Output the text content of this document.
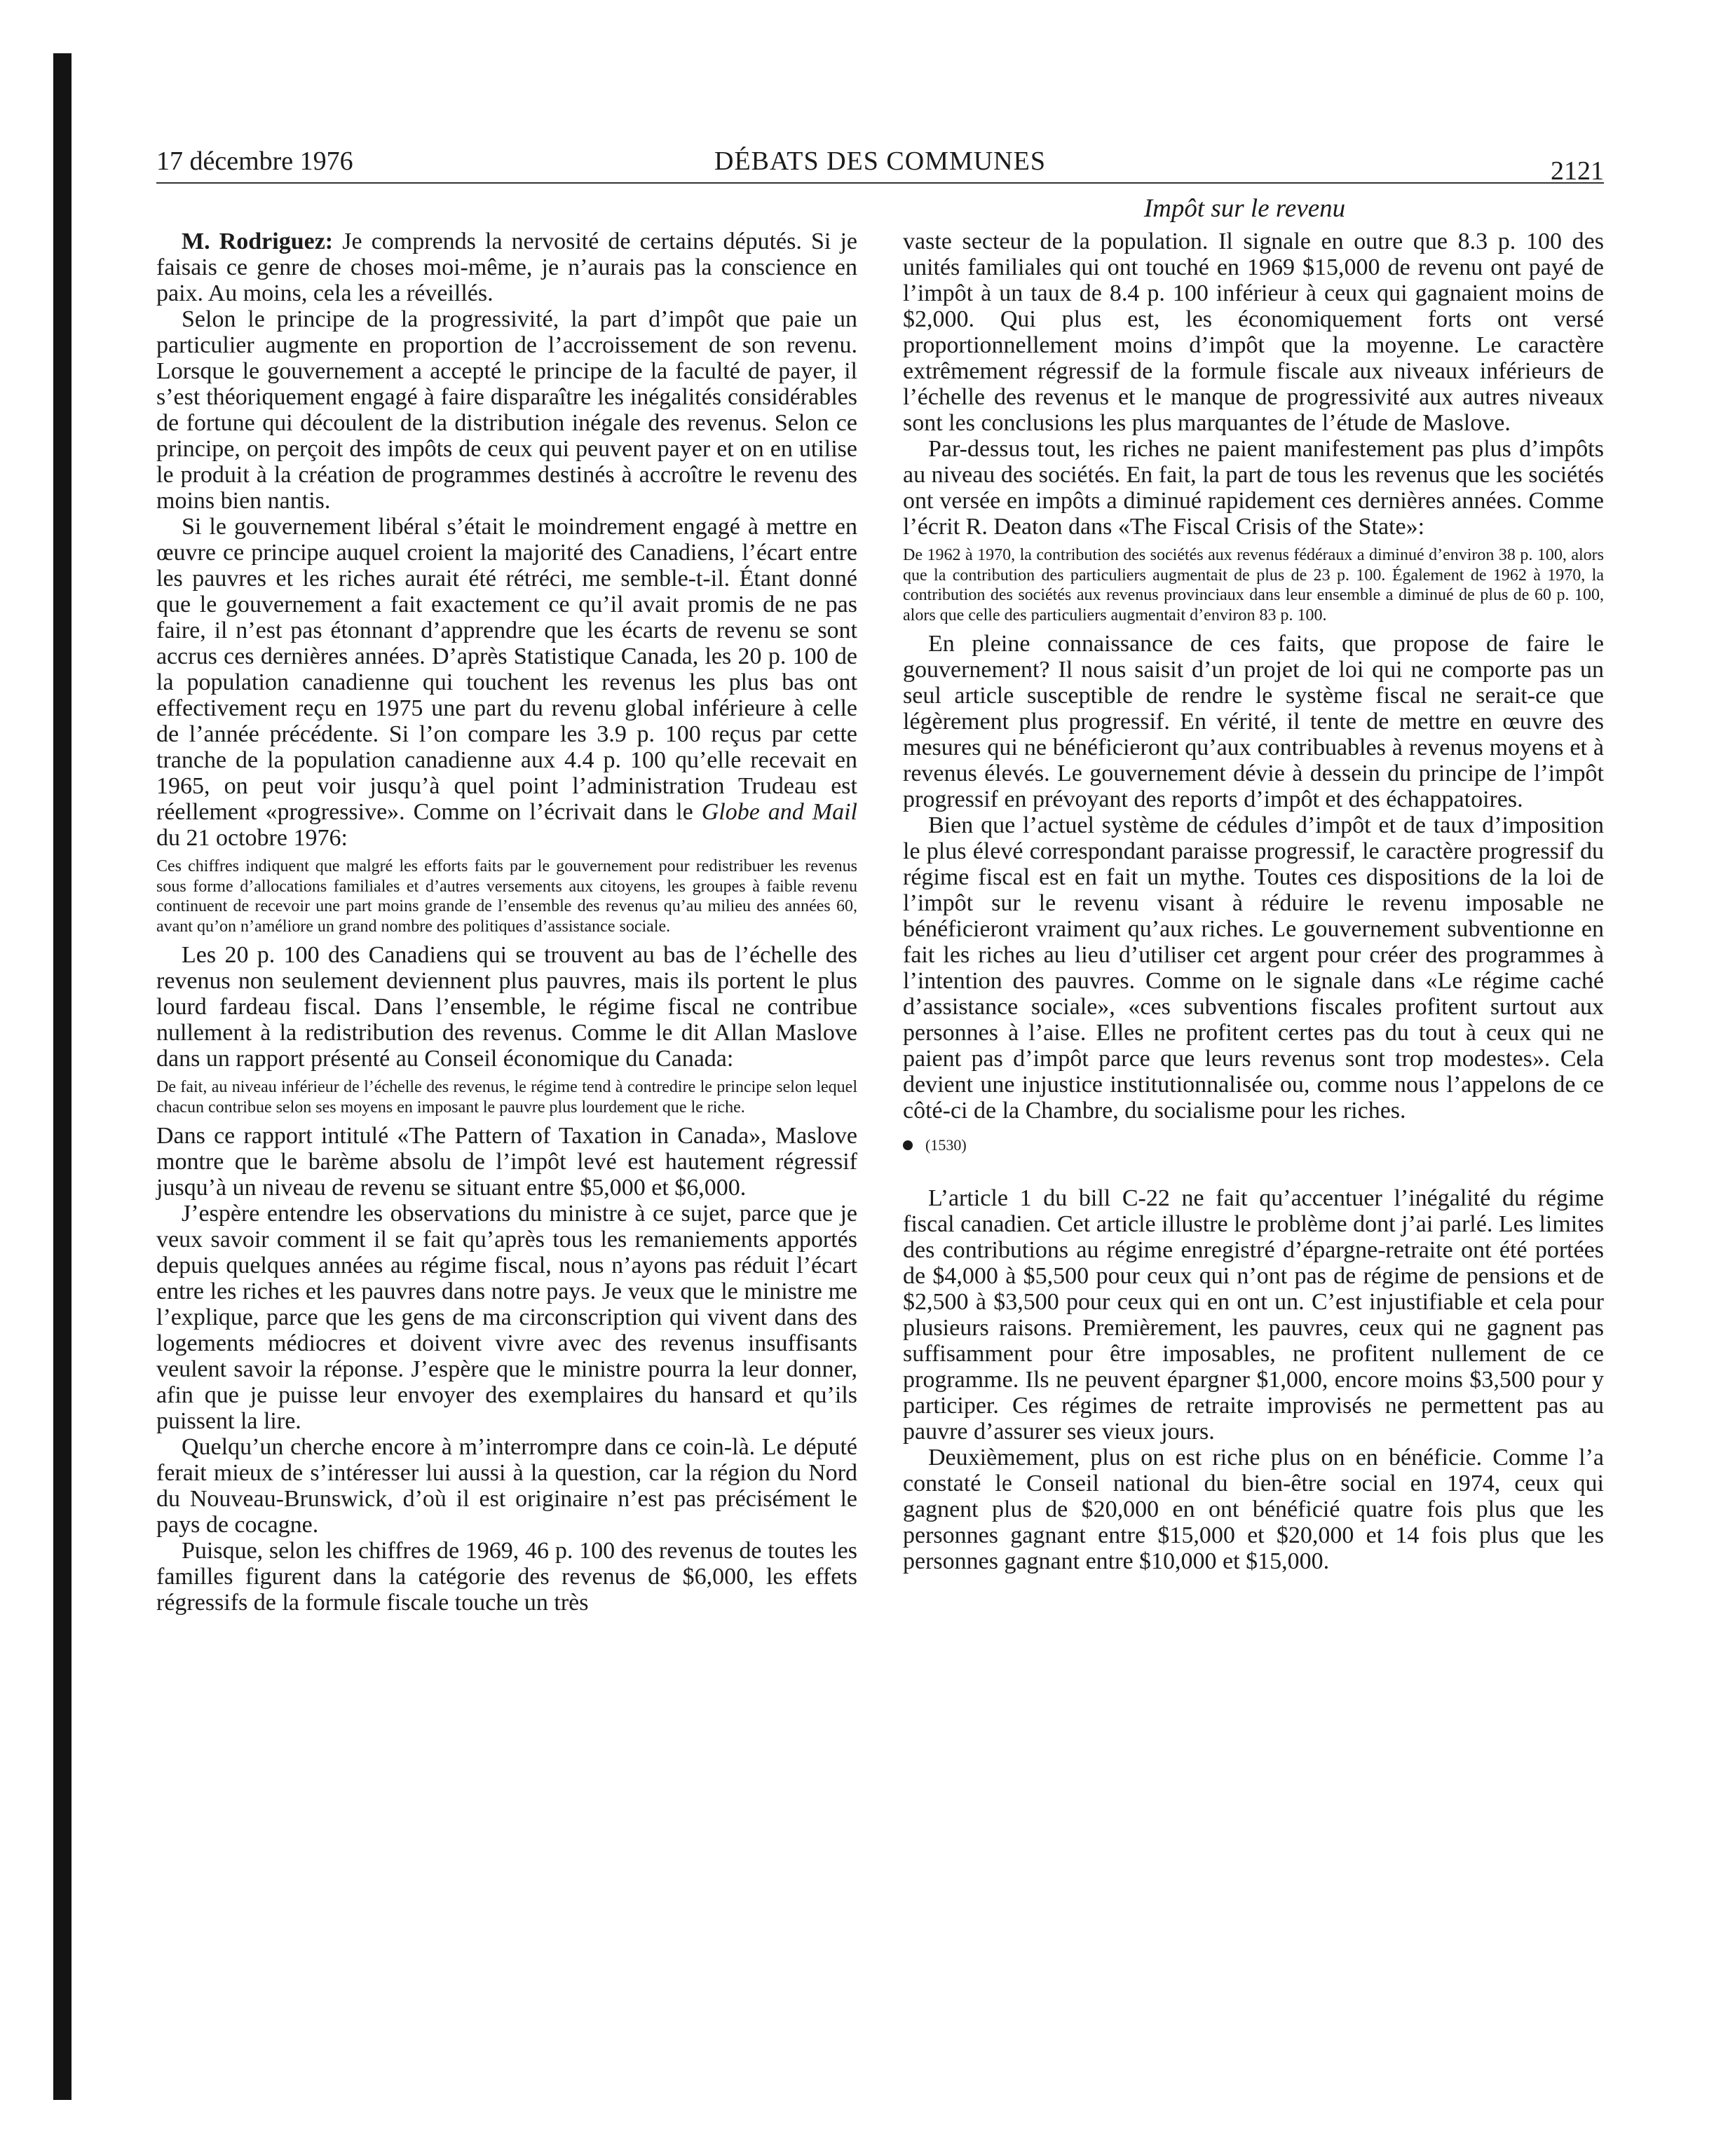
17 décembre 1976	DÉBATS DES COMMUNES	2121
Impôt sur le revenu

M. Rodriguez: Je comprends la nervosité de certains députés. Si je faisais ce genre de choses moi-même, je n’aurais pas la conscience en paix. Au moins, cela les a réveillés.

Selon le principe de la progressivité, la part d’impôt que paie un particulier augmente en proportion de l’accroissement de son revenu. Lorsque le gouvernement a accepté le principe de la faculté de payer, il s’est théoriquement engagé à faire disparaître les inégalités considérables de fortune qui découlent de la distribution inégale des revenus. Selon ce principe, on perçoit des impôts de ceux qui peuvent payer et on en utilise le produit à la création de programmes destinés à accroître le revenu des moins bien nantis.

Si le gouvernement libéral s’était le moindrement engagé à mettre en œuvre ce principe auquel croient la majorité des Canadiens, l’écart entre les pauvres et les riches aurait été rétréci, me semble-t-il. Étant donné que le gouvernement a fait exactement ce qu’il avait promis de ne pas faire, il n’est pas étonnant d’apprendre que les écarts de revenu se sont accrus ces dernières années. D’après Statistique Canada, les 20 p. 100 de la population canadienne qui touchent les revenus les plus bas ont effectivement reçu en 1975 une part du revenu global inférieure à celle de l’année précédente. Si l’on compare les 3.9 p. 100 reçus par cette tranche de la population canadienne aux 4.4 p. 100 qu’elle recevait en 1965, on peut voir jusqu’à quel point l’administration Trudeau est réellement «progressive». Comme on l’écrivait dans le Globe and Mail du 21 octobre 1976:

Ces chiffres indiquent que malgré les efforts faits par le gouvernement pour redistribuer les revenus sous forme d’allocations familiales et d’autres versements aux citoyens, les groupes à faible revenu continuent de recevoir une part moins grande de l’ensemble des revenus qu’au milieu des années 60, avant qu’on n’améliore un grand nombre des politiques d’assistance sociale.

Les 20 p. 100 des Canadiens qui se trouvent au bas de l’échelle des revenus non seulement deviennent plus pauvres, mais ils portent le plus lourd fardeau fiscal. Dans l’ensemble, le régime fiscal ne contribue nullement à la redistribution des revenus. Comme le dit Allan Maslove dans un rapport présenté au Conseil économique du Canada:

De fait, au niveau inférieur de l’échelle des revenus, le régime tend à contredire le principe selon lequel chacun contribue selon ses moyens en imposant le pauvre plus lourdement que le riche.

Dans ce rapport intitulé «The Pattern of Taxation in Canada», Maslove montre que le barème absolu de l’impôt levé est hautement régressif jusqu’à un niveau de revenu se situant entre $5,000 et $6,000.

J’espère entendre les observations du ministre à ce sujet, parce que je veux savoir comment il se fait qu’après tous les remaniements apportés depuis quelques années au régime fiscal, nous n’ayons pas réduit l’écart entre les riches et les pauvres dans notre pays. Je veux que le ministre me l’explique, parce que les gens de ma circonscription qui vivent dans des logements médiocres et doivent vivre avec des revenus insuffisants veulent savoir la réponse. J’espère que le ministre pourra la leur donner, afin que je puisse leur envoyer des exemplaires du hansard et qu’ils puissent la lire.

Quelqu’un cherche encore à m’interrompre dans ce coin-là. Le député ferait mieux de s’intéresser lui aussi à la question, car la région du Nord du Nouveau-Brunswick, d’où il est originaire n’est pas précisément le pays de cocagne.

Puisque, selon les chiffres de 1969, 46 p. 100 des revenus de toutes les familles figurent dans la catégorie des revenus de $6,000, les effets régressifs de la formule fiscale touche un très

vaste secteur de la population. Il signale en outre que 8.3 p. 100 des unités familiales qui ont touché en 1969 $15,000 de revenu ont payé de l’impôt à un taux de 8.4 p. 100 inférieur à ceux qui gagnaient moins de $2,000. Qui plus est, les économiquement forts ont versé proportionnellement moins d’impôt que la moyenne. Le caractère extrêmement régressif de la formule fiscale aux niveaux inférieurs de l’échelle des revenus et le manque de progressivité aux autres niveaux sont les conclusions les plus marquantes de l’étude de Maslove.

Par-dessus tout, les riches ne paient manifestement pas plus d’impôts au niveau des sociétés. En fait, la part de tous les revenus que les sociétés ont versée en impôts a diminué rapidement ces dernières années. Comme l’écrit R. Deaton dans «The Fiscal Crisis of the State»:

De 1962 à 1970, la contribution des sociétés aux revenus fédéraux a diminué d’environ 38 p. 100, alors que la contribution des particuliers augmentait de plus de 23 p. 100. Également de 1962 à 1970, la contribution des sociétés aux revenus provinciaux dans leur ensemble a diminué de plus de 60 p. 100, alors que celle des particuliers augmentait d’environ 83 p. 100.

En pleine connaissance de ces faits, que propose de faire le gouvernement? Il nous saisit d’un projet de loi qui ne comporte pas un seul article susceptible de rendre le système fiscal ne serait-ce que légèrement plus progressif. En vérité, il tente de mettre en œuvre des mesures qui ne bénéficieront qu’aux contribuables à revenus moyens et à revenus élevés. Le gouvernement dévie à dessein du principe de l’impôt progressif en prévoyant des reports d’impôt et des échappatoires.

Bien que l’actuel système de cédules d’impôt et de taux d’imposition le plus élevé correspondant paraisse progressif, le caractère progressif du régime fiscal est en fait un mythe. Toutes ces dispositions de la loi de l’impôt sur le revenu visant à réduire le revenu imposable ne bénéficieront vraiment qu’aux riches. Le gouvernement subventionne en fait les riches au lieu d’utiliser cet argent pour créer des programmes à l’intention des pauvres. Comme on le signale dans «Le régime caché d’assistance sociale», «ces subventions fiscales profitent surtout aux personnes à l’aise. Elles ne profitent certes pas du tout à ceux qui ne paient pas d’impôt parce que leurs revenus sont trop modestes». Cela devient une injustice institutionnalisée ou, comme nous l’appelons de ce côté-ci de la Chambre, du socialisme pour les riches.

(1530)

L’article 1 du bill C-22 ne fait qu’accentuer l’inégalité du régime fiscal canadien. Cet article illustre le problème dont j’ai parlé. Les limites des contributions au régime enregistré d’épargne-retraite ont été portées de $4,000 à $5,500 pour ceux qui n’ont pas de régime de pensions et de $2,500 à $3,500 pour ceux qui en ont un. C’est injustifiable et cela pour plusieurs raisons. Premièrement, les pauvres, ceux qui ne gagnent pas suffisamment pour être imposables, ne profitent nullement de ce programme. Ils ne peuvent épargner $1,000, encore moins $3,500 pour y participer. Ces régimes de retraite improvisés ne permettent pas au pauvre d’assurer ses vieux jours.

Deuxièmement, plus on est riche plus on en bénéficie. Comme l’a constaté le Conseil national du bien-être social en 1974, ceux qui gagnent plus de $20,000 en ont bénéficié quatre fois plus que les personnes gagnant entre $15,000 et $20,000 et 14 fois plus que les personnes gagnant entre $10,000 et $15,000.
